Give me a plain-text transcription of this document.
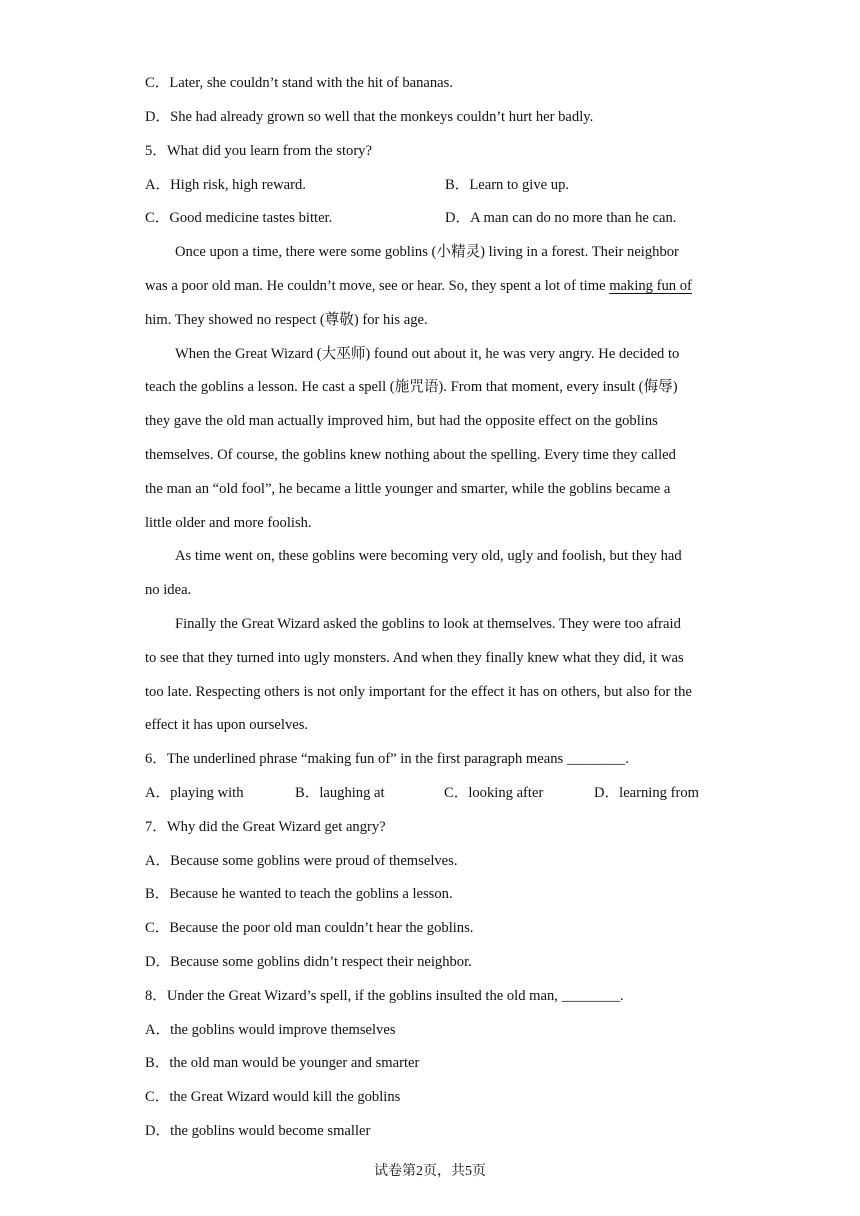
C．Later, she couldn’t stand with the hit of bananas.
D．She had already grown so well that the monkeys couldn’t hurt her badly.
5．What did you learn from the story?
A．High risk, high reward.	B．Learn to give up.
C．Good medicine tastes bitter.	D．A man can do no more than he can.
Once upon a time, there were some goblins (小精灵) living in a forest. Their neighbor
was a poor old man. He couldn’t move, see or hear. So, they spent a lot of time making fun of
him. They showed no respect (尊敬) for his age.
When the Great Wizard (大巫师) found out about it, he was very angry. He decided to
teach the goblins a lesson. He cast a spell (施咒语). From that moment, every insult (侮辱)
they gave the old man actually improved him, but had the opposite effect on the goblins
themselves. Of course, the goblins knew nothing about the spelling. Every time they called
the man an “old fool”, he became a little younger and smarter, while the goblins became a
little older and more foolish.
As time went on, these goblins were becoming very old, ugly and foolish, but they had
no idea.
Finally the Great Wizard asked the goblins to look at themselves. They were too afraid
to see that they turned into ugly monsters. And when they finally knew what they did, it was
too late. Respecting others is not only important for the effect it has on others, but also for the
effect it has upon ourselves.
6．The underlined phrase “making fun of” in the first paragraph means ________.
A．playing with	B．laughing at	C．looking after	D．learning from
7．Why did the Great Wizard get angry?
A．Because some goblins were proud of themselves.
B．Because he wanted to teach the goblins a lesson.
C．Because the poor old man couldn’t hear the goblins.
D．Because some goblins didn’t respect their neighbor.
8．Under the Great Wizard’s spell, if the goblins insulted the old man, ________.
A．the goblins would improve themselves
B．the old man would be younger and smarter
C．the Great Wizard would kill the goblins
D．the goblins would become smaller
试卷第2页，共5页
